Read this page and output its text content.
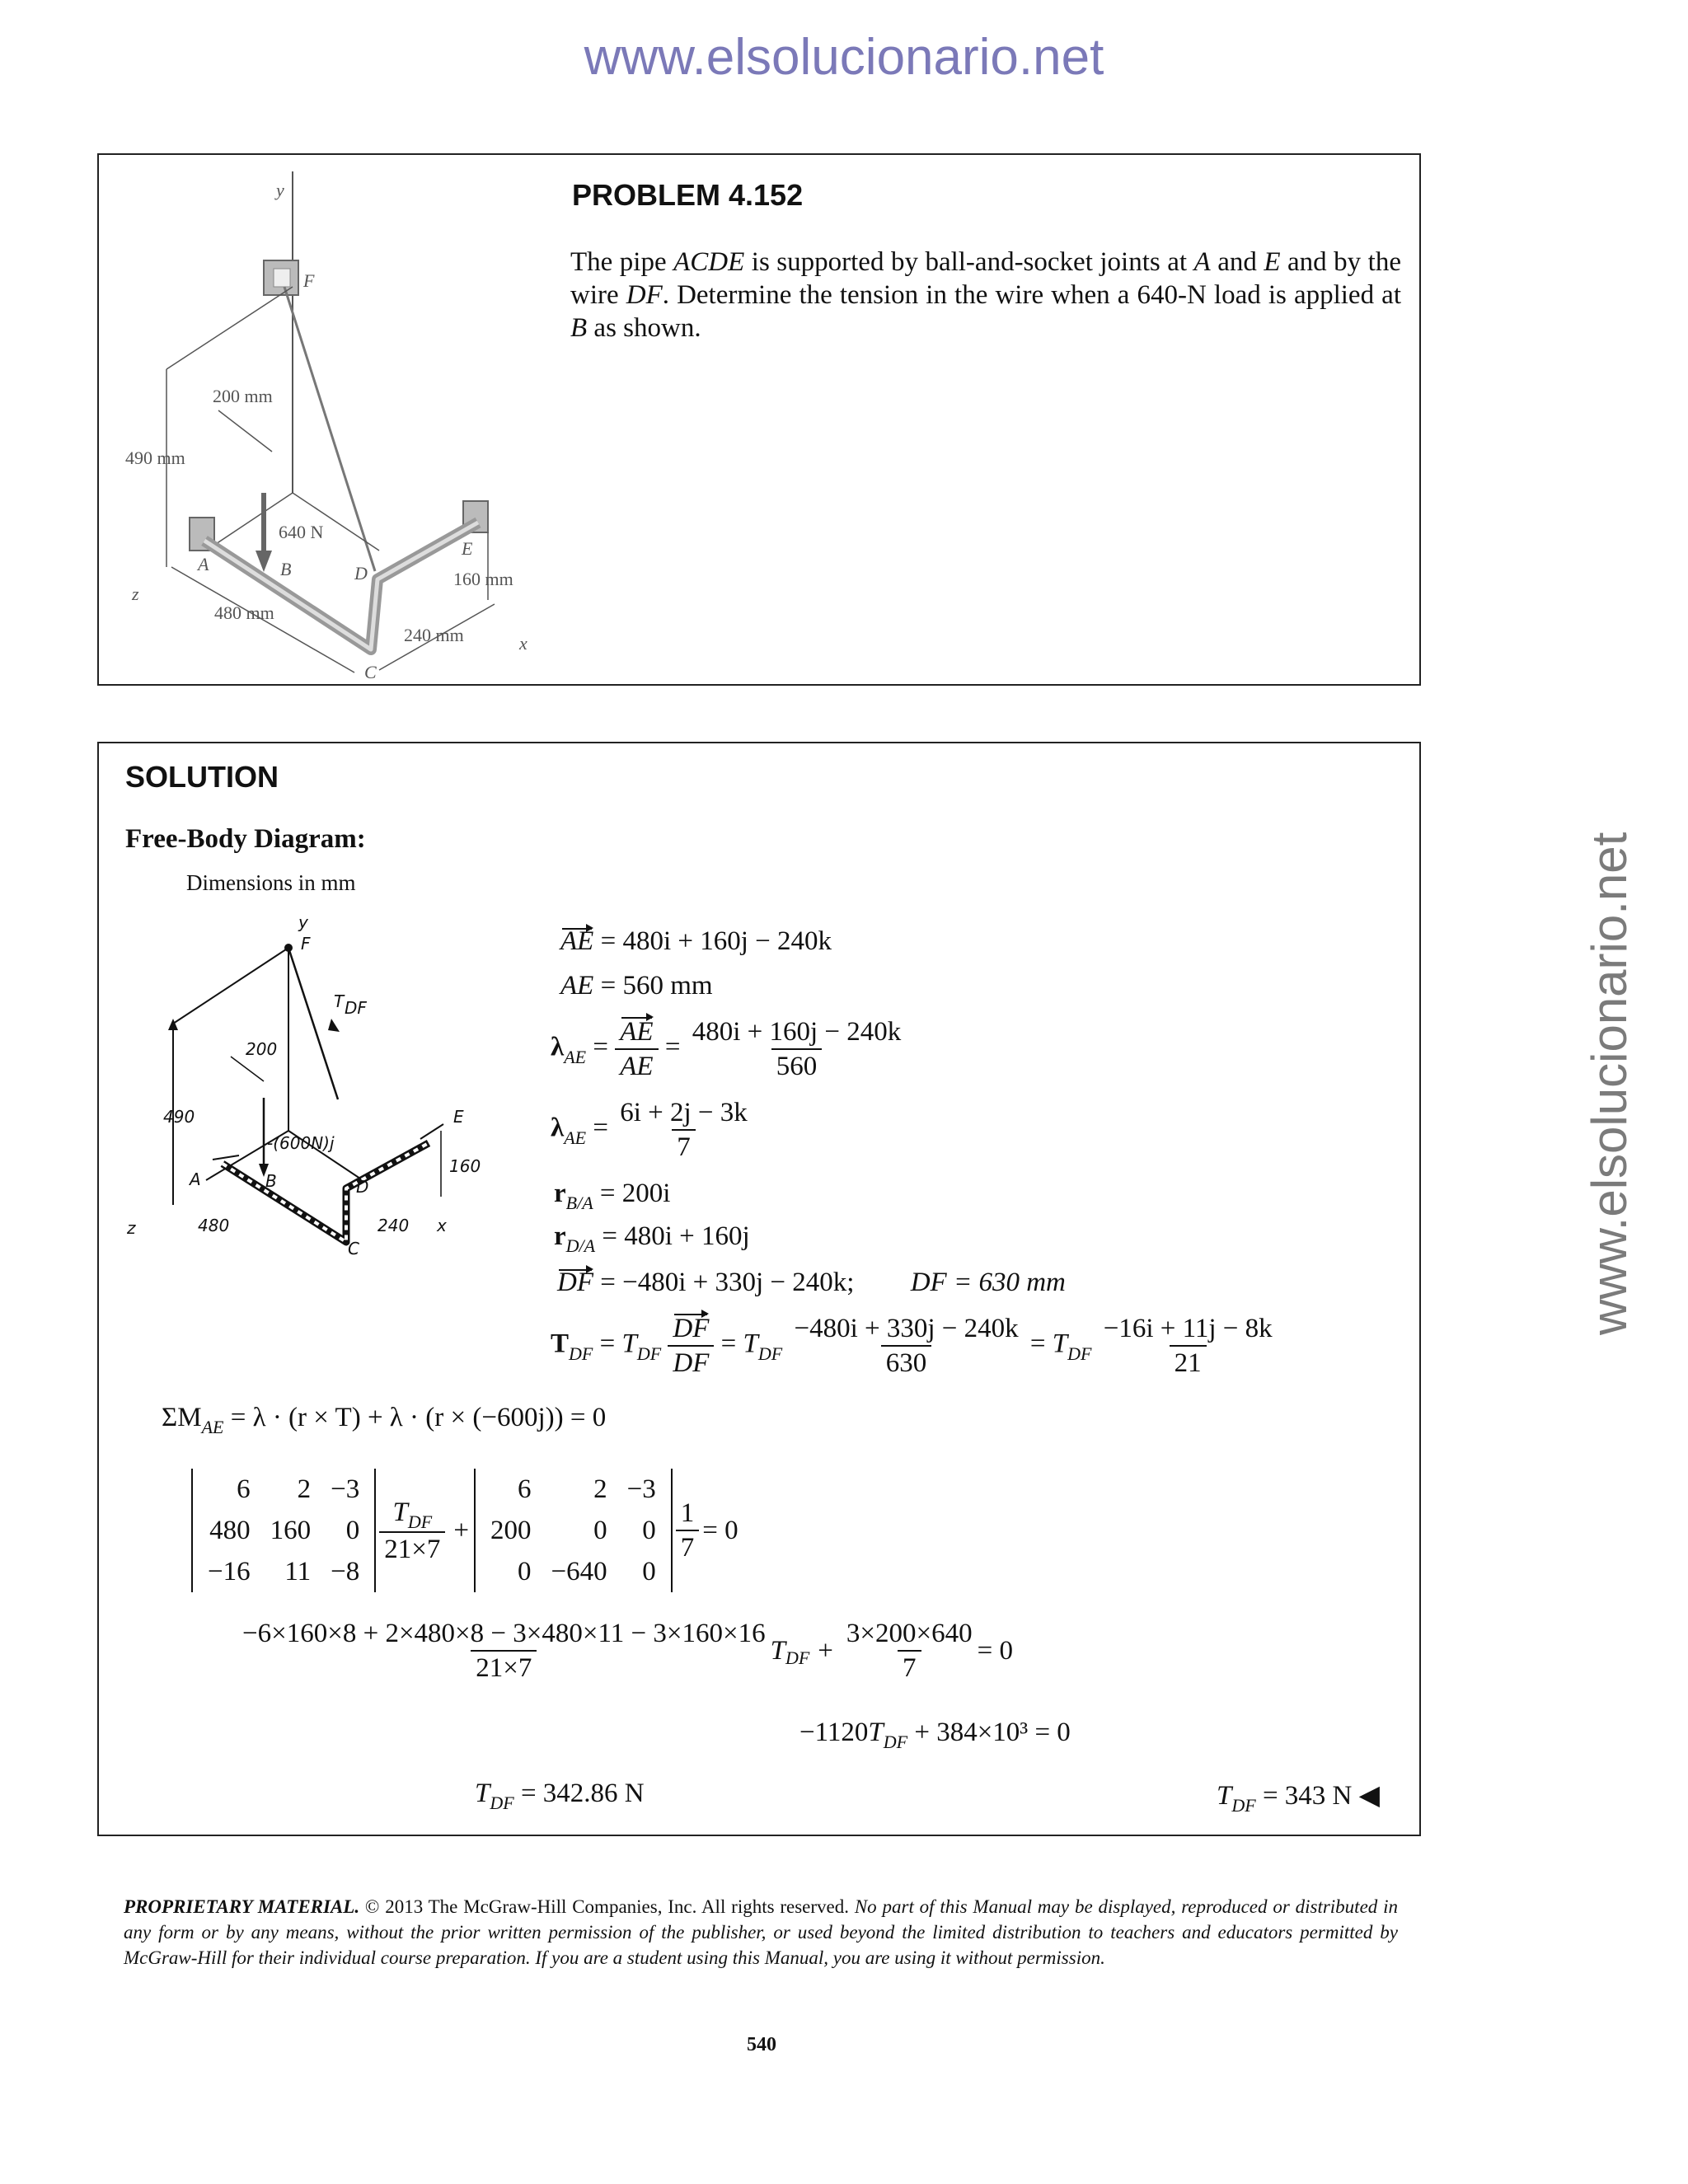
www.elsolucionario.net
www.elsolucionario.net
y
F
490 mm
200 mm
640 N
A	B	D
E
C
z
x
480 mm
240 mm
160 mm
PROBLEM 4.152
The pipe ACDE is supported by ball-and-socket joints at A and E and by the wire DF. Determine the tension in the wire when a 640-N load is applied at B as shown.
SOLUTION
Free-Body Diagram:
Dimensions in mm
y
F
490
T DF
200
-(600N)j
E
A	B	D
160
z	480	240 x
C
AE = 480i + 160j − 240k
AE = 560 mm
$\lambda_{AE} = \frac{AE}{AE} = \frac{480i + 160j - 240k}{560}$
$\lambda_{AE} = \frac{6i + 2j - 3k}{7}$
$r_{B/A} = 200i$
$r_{D/A} = 480i + 160j$
DF = −480i + 330j − 240k; DF = 630 mm
$T_{DF} = T_{DF} \frac{DF}{DF} = T_{DF} \frac{-480i + 330j - 240k}{630} = T_{DF} \frac{-16i + 11j - 8k}{21}$
$\Sigma M_{AE} = \lambda \cdot (r \times T) + \lambda \cdot (r \times (-600j)) = 0$
6	2	−3
480	160	0
−16	11	−8
$T_{DF}$
21×7
+
6	2	−3
200	0	0
0	−640	0
$\frac{1}{7} = 0$
−6×160×8 + 2×480×8 − 3×480×11 − 3×160×16
21×7
T DF + $\frac{3\times 200\times 640}{7} = 0$
$-1120T_{DF} + 384\times 10^3 = 0$
$T_{DF} = 342.86$ N	$T_{DF} = 343$ N ◀
PROPRIETARY MATERIAL. © 2013 The McGraw-Hill Companies, Inc. All rights reserved. No part of this Manual may be displayed, reproduced or distributed in any form or by any means, without the prior written permission of the publisher, or used beyond the limited distribution to teachers and educators permitted by McGraw-Hill for their individual course preparation. If you are a student using this Manual, you are using it without permission.
540
